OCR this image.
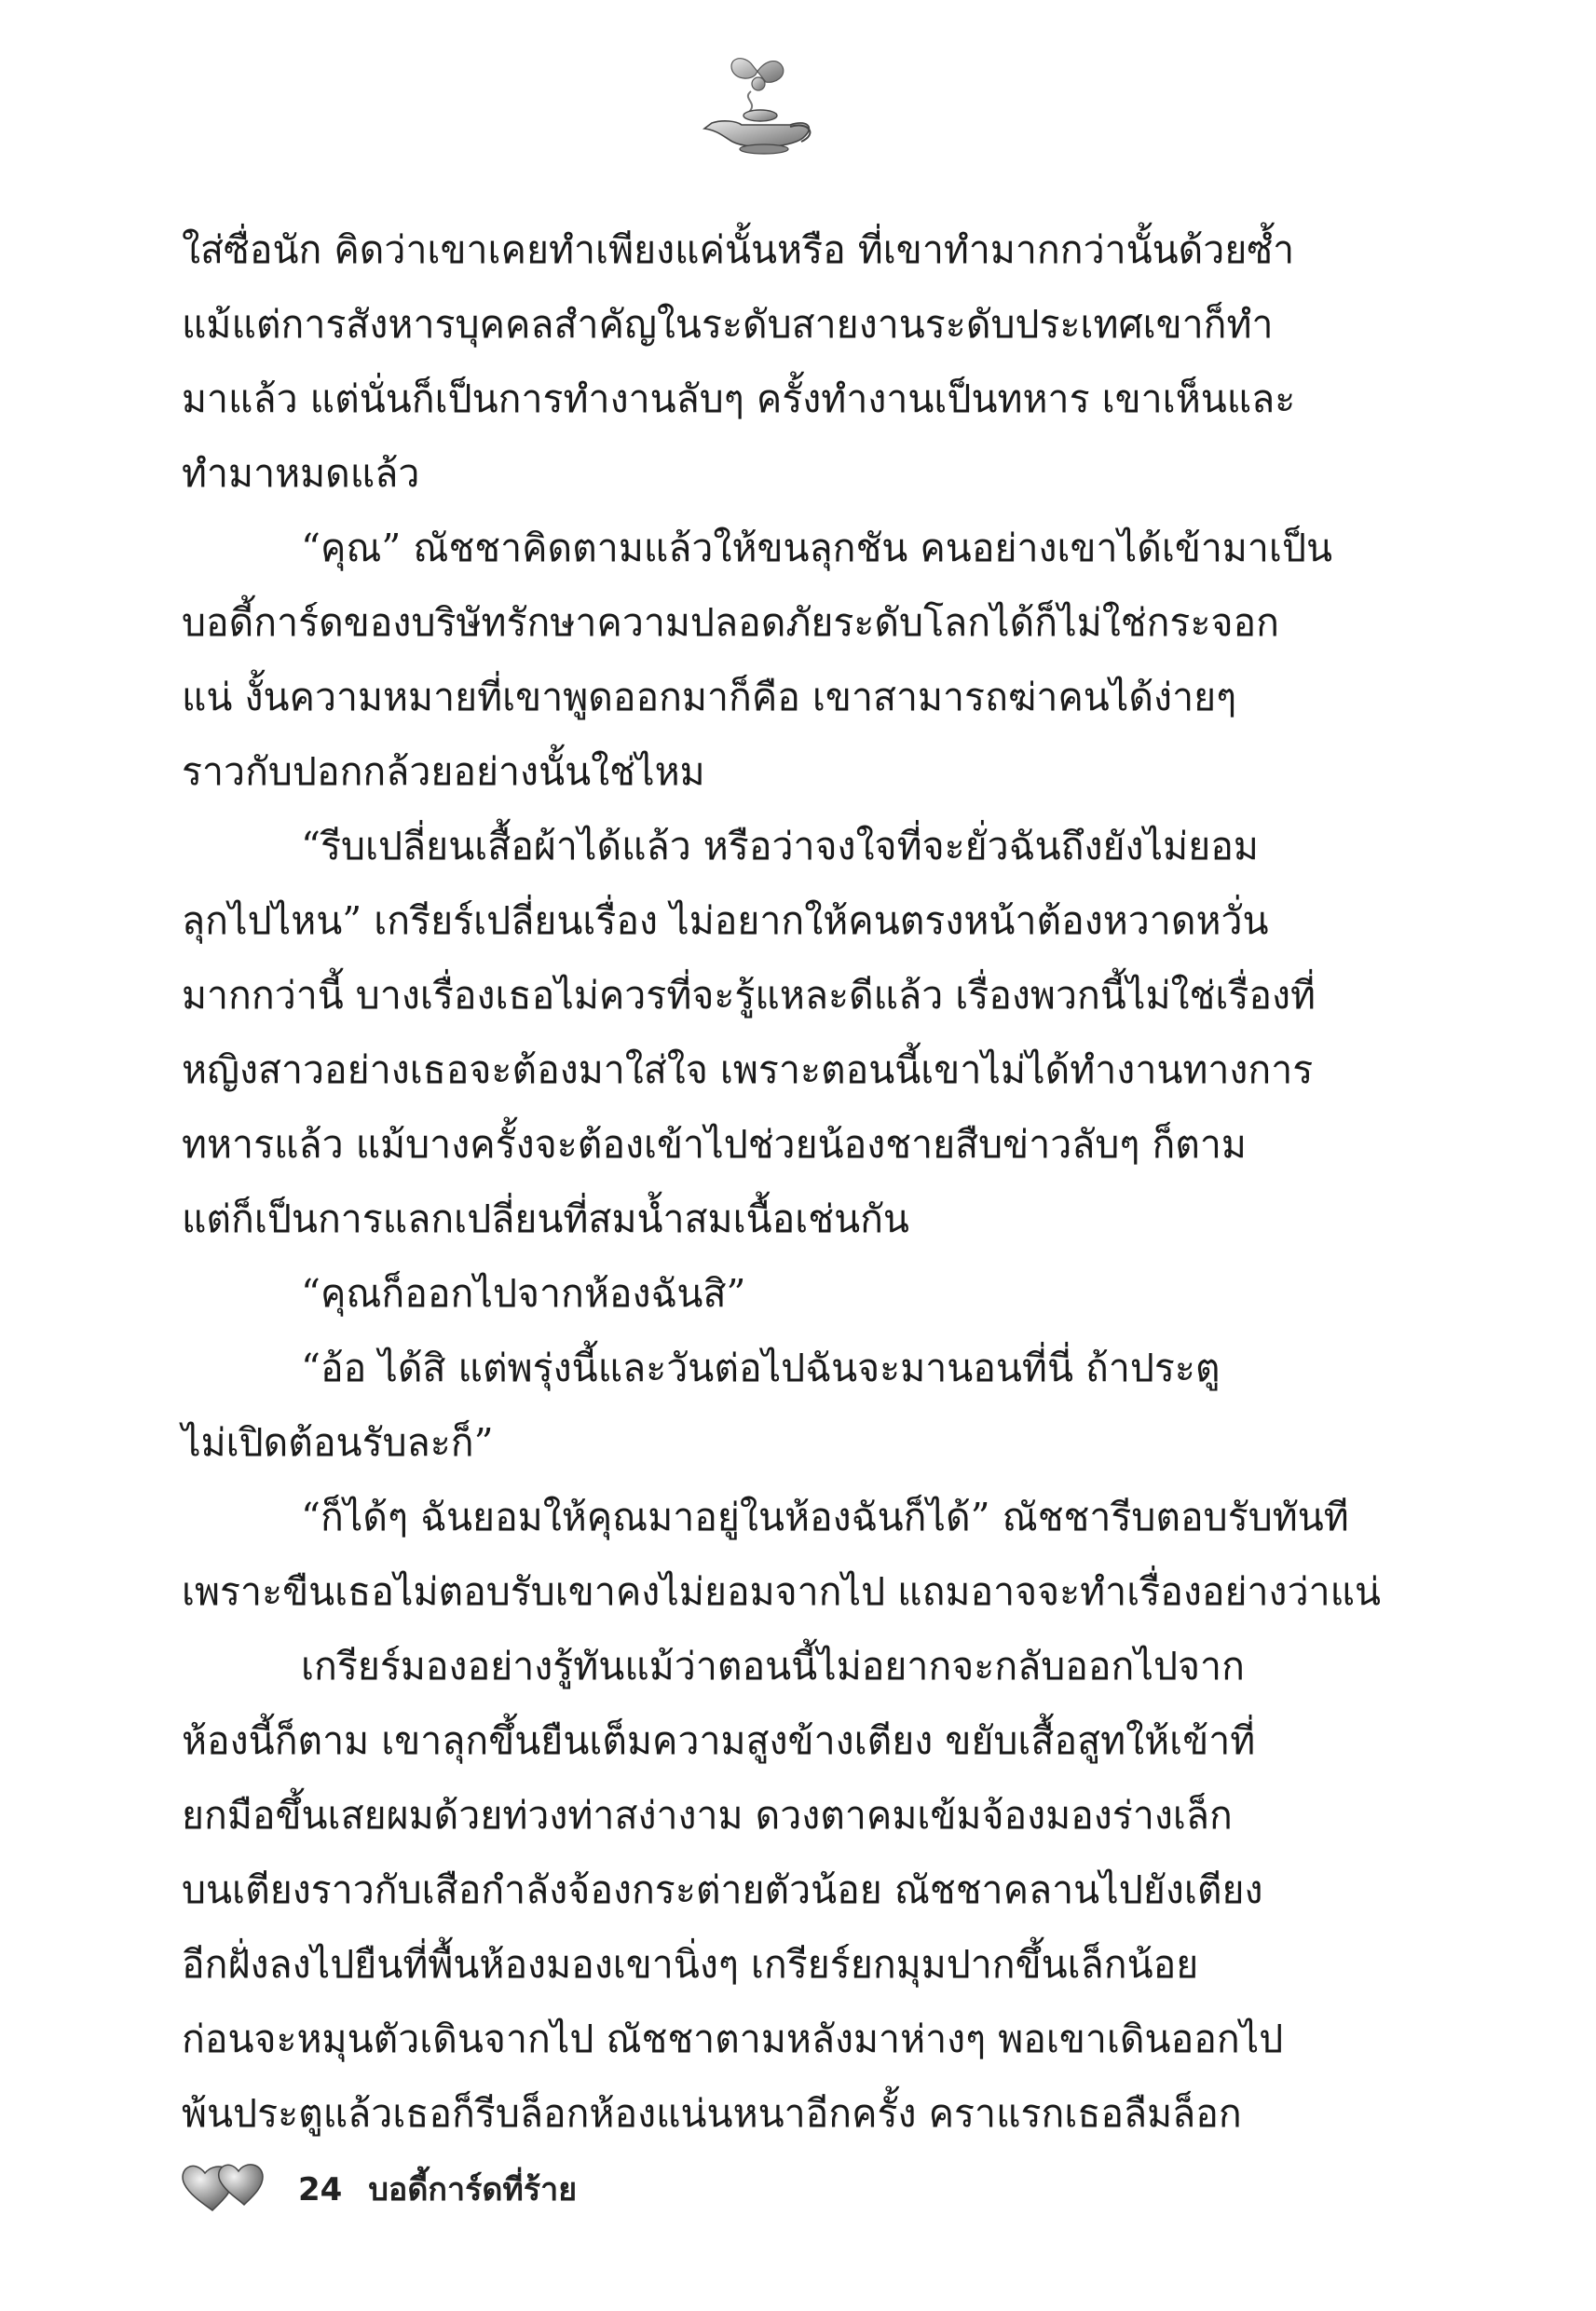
ใส่ซื่อนัก คิดว่าเขาเคยทำเพียงแค่นั้นหรือ ที่เขาทำมากกว่านั้นด้วยซ้ำ
แม้แต่การสังหารบุคคลสำคัญในระดับสายงานระดับประเทศเขาก็ทำ
มาแล้ว แต่นั่นก็เป็นการทำงานลับๆ ครั้งทำงานเป็นทหาร เขาเห็นและ
ทำมาหมดแล้ว
“คุณ” ณัชชาคิดตามแล้วให้ขนลุกชัน คนอย่างเขาได้เข้ามาเป็น
บอดี้การ์ดของบริษัทรักษาความปลอดภัยระดับโลกได้ก็ไม่ใช่กระจอก
แน่ งั้นความหมายที่เขาพูดออกมาก็คือ เขาสามารถฆ่าคนได้ง่ายๆ
ราวกับปอกกล้วยอย่างนั้นใช่ไหม
“รีบเปลี่ยนเสื้อผ้าได้แล้ว หรือว่าจงใจที่จะยั่วฉันถึงยังไม่ยอม
ลุกไปไหน” เกรียร์เปลี่ยนเรื่อง ไม่อยากให้คนตรงหน้าต้องหวาดหวั่น
มากกว่านี้ บางเรื่องเธอไม่ควรที่จะรู้แหละดีแล้ว เรื่องพวกนี้ไม่ใช่เรื่องที่
หญิงสาวอย่างเธอจะต้องมาใส่ใจ เพราะตอนนี้เขาไม่ได้ทำงานทางการ
ทหารแล้ว แม้บางครั้งจะต้องเข้าไปช่วยน้องชายสืบข่าวลับๆ ก็ตาม
แต่ก็เป็นการแลกเปลี่ยนที่สมน้ำสมเนื้อเช่นกัน
“คุณก็ออกไปจากห้องฉันสิ”
“อ้อ ได้สิ แต่พรุ่งนี้และวันต่อไปฉันจะมานอนที่นี่ ถ้าประตู
ไม่เปิดต้อนรับละก็”
“ก็ได้ๆ ฉันยอมให้คุณมาอยู่ในห้องฉันก็ได้” ณัชชารีบตอบรับทันที
เพราะขืนเธอไม่ตอบรับเขาคงไม่ยอมจากไป แถมอาจจะทำเรื่องอย่างว่าแน่
เกรียร์มองอย่างรู้ทันแม้ว่าตอนนี้ไม่อยากจะกลับออกไปจาก
ห้องนี้ก็ตาม เขาลุกขึ้นยืนเต็มความสูงข้างเตียง ขยับเสื้อสูทให้เข้าที่
ยกมือขึ้นเสยผมด้วยท่วงท่าสง่างาม ดวงตาคมเข้มจ้องมองร่างเล็ก
บนเตียงราวกับเสือกำลังจ้องกระต่ายตัวน้อย ณัชชาคลานไปยังเตียง
อีกฝั่งลงไปยืนที่พื้นห้องมองเขานิ่งๆ เกรียร์ยกมุมปากขึ้นเล็กน้อย
ก่อนจะหมุนตัวเดินจากไป ณัชชาตามหลังมาห่างๆ พอเขาเดินออกไป
พ้นประตูแล้วเธอก็รีบล็อกห้องแน่นหนาอีกครั้ง คราแรกเธอลืมล็อก
24 บอดี้การ์ดที่ร้าย
